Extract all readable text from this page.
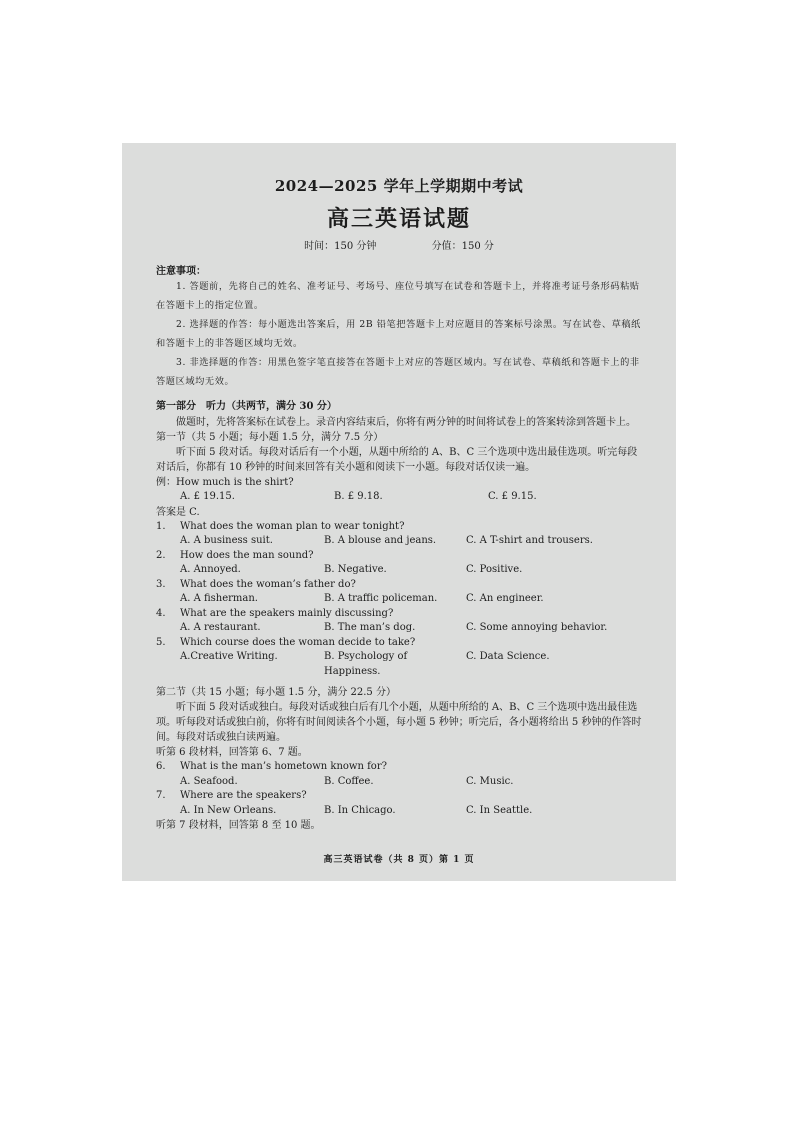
2024—2025 学年上学期期中考试
高三英语试题
时间：150 分钟	分值：150 分
注意事项：

1. 答题前，先将自己的姓名、准考证号、考场号、座位号填写在试卷和答题卡上，并将准考证号条形码粘贴在答题卡上的指定位置。

2. 选择题的作答：每小题选出答案后，用 2B 铅笔把答题卡上对应题目的答案标号涂黑。写在试卷、草稿纸和答题卡上的非答题区域均无效。

3. 非选择题的作答：用黑色签字笔直接答在答题卡上对应的答题区域内。写在试卷、草稿纸和答题卡上的非答题区域均无效。

第一部分　听力（共两节，满分 30 分）

做题时，先将答案标在试卷上。录音内容结束后，你将有两分钟的时间将试卷上的答案转涂到答题卡上。

第一节（共 5 小题；每小题 1.5 分，满分 7.5 分）

听下面 5 段对话。每段对话后有一个小题，从题中所给的 A、B、C 三个选项中选出最佳选项。听完每段对话后，你都有 10 秒钟的时间来回答有关小题和阅读下一小题。每段对话仅读一遍。

例：How much is the shirt?

A. £ 19.15.	B. £ 9.18.	C. £ 9.15.

答案是 C.

1.	What does the woman plan to wear tonight?
A. A business suit.	B. A blouse and jeans.	C. A T-shirt and trousers.
2.	How does the man sound?
A. Annoyed.	B. Negative.	C. Positive.
3.	What does the woman’s father do?
A. A fisherman.	B. A traffic policeman.	C. An engineer.
4.	What are the speakers mainly discussing?
A. A restaurant.	B. The man’s dog.	C. Some annoying behavior.
5.	Which course does the woman decide to take?
A.Creative Writing.	B. Psychology of Happiness.
C. Data Science.

第二节（共 15 小题；每小题 1.5 分，满分 22.5 分）

听下面 5 段对话或独白。每段对话或独白后有几个小题，从题中所给的 A、B、C 三个选项中选出最佳选项。听每段对话或独白前，你将有时间阅读各个小题，每小题 5 秒钟；听完后，各小题将给出 5 秒钟的作答时间。每段对话或独白读两遍。

听第 6 段材料，回答第 6、7 题。

6.	What is the man’s hometown known for?
A. Seafood.	B. Coffee.	C. Music.
7.	Where are the speakers?
A. In New Orleans.	B. In Chicago.	C. In Seattle.

听第 7 段材料，回答第 8 至 10 题。

高三英语试卷（共 8 页）第 1 页
